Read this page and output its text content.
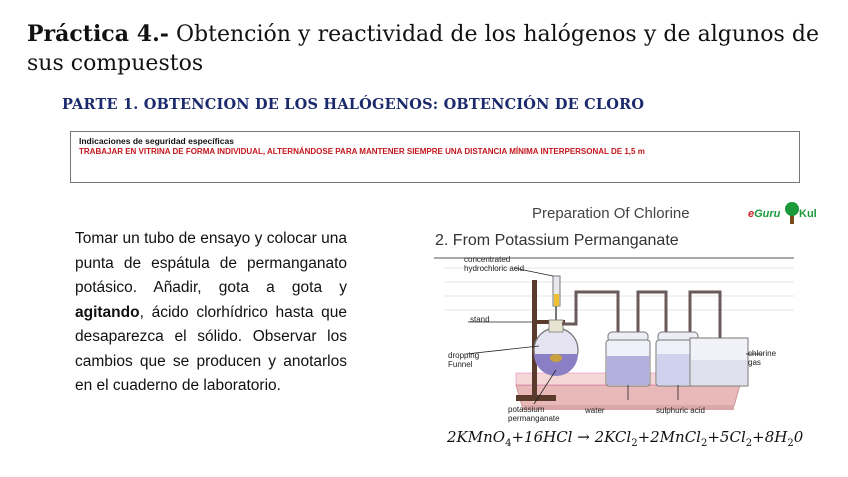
Práctica 4.- Obtención y reactividad de los halógenos y de algunos de sus compuestos
PARTE 1. OBTENCION DE LOS HALÓGENOS: OBTENCIÓN DE CLORO
Indicaciones de seguridad específicas
TRABAJAR EN VITRINA DE FORMA INDIVIDUAL, ALTERNÁNDOSE PARA MANTENER SIEMPRE UNA DISTANCIA MÍNIMA INTERPERSONAL DE 1,5 m
Tomar un tubo de ensayo y colocar una punta de espátula de permanganato potásico. Añadir, gota a gota y agitando, ácido clorhídrico hasta que desaparezca el sólido. Observar los cambios que se producen y anotarlos en el cuaderno de laboratorio.
Preparation Of Chlorine
2. From Potassium Permanganate
eGuru Kul
concentrated
hydrochloric acid
stand
dropping
Funnel
potassium
permanganate
water	sulphuric acid
chlorine
gas
2KMnO$_4$+16HCl → $2KCl_2+2MnCl_2+5Cl_2+8H_20$
